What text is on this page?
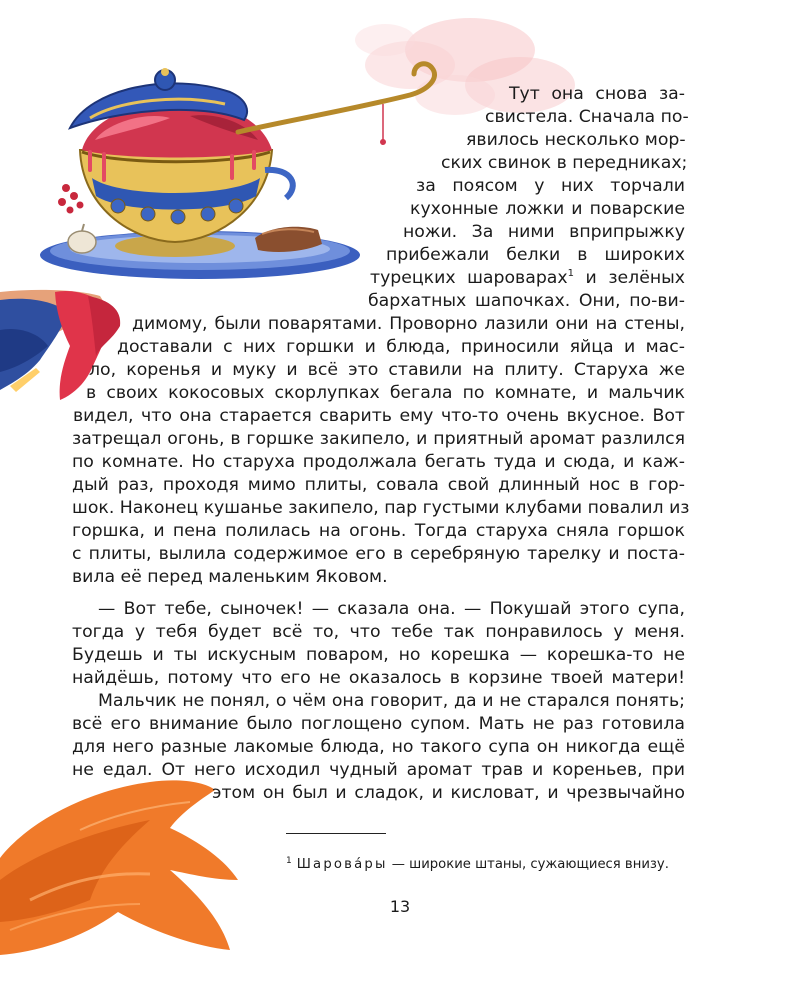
Тут она снова за-

свистела. Сначала по-

явилось несколько мор-

ских свинок в передниках;

за поясом у них торчали

кухонные ложки и поварские

ножи. За ними вприпрыжку

прибежали белки в широких

турецких шароварах$^1$ и зелёных

бархатных шапочках. Они, по-ви-

димому, были поварятами. Проворно лазили они на стены,

доставали с них горшки и блюда, приносили яйца и мас-

ло, коренья и муку и всё это ставили на плиту. Старуха же

в своих кокосовых скорлупках бегала по комнате, и мальчик

видел, что она старается сварить ему что-то очень вкусное. Вот

затрещал огонь, в горшке закипело, и приятный аромат разлился

по комнате. Но старуха продолжала бегать туда и сюда, и каж-

дый раз, проходя мимо плиты, совала свой длинный нос в гор-

шок. Наконец кушанье закипело, пар густыми клубами повалил из

горшка, и пена полилась на огонь. Тогда старуха сняла горшок

с плиты, вылила содержимое его в серебряную тарелку и поста-

вила её перед маленьким Яковом.

— Вот тебе, сыночек! — сказала она. — Покушай этого супа,

тогда у тебя будет всё то, что тебе так понравилось у меня.

Будешь и ты искусным поваром, но корешка — корешка-то не

найдёшь, потому что его не оказалось в корзине твоей матери!

Мальчик не понял, о чём она говорит, да и не старался понять;

всё его внимание было поглощено супом. Мать не раз готовила

для него разные лакомые блюда, но такого супа он никогда ещё

не едал. От него исходил чудный аромат трав и кореньев, при

этом он был и сладок, и кисловат, и чрезвычайно

$^1$ Шарова́ры — широкие штаны, сужающиеся внизу.
13
